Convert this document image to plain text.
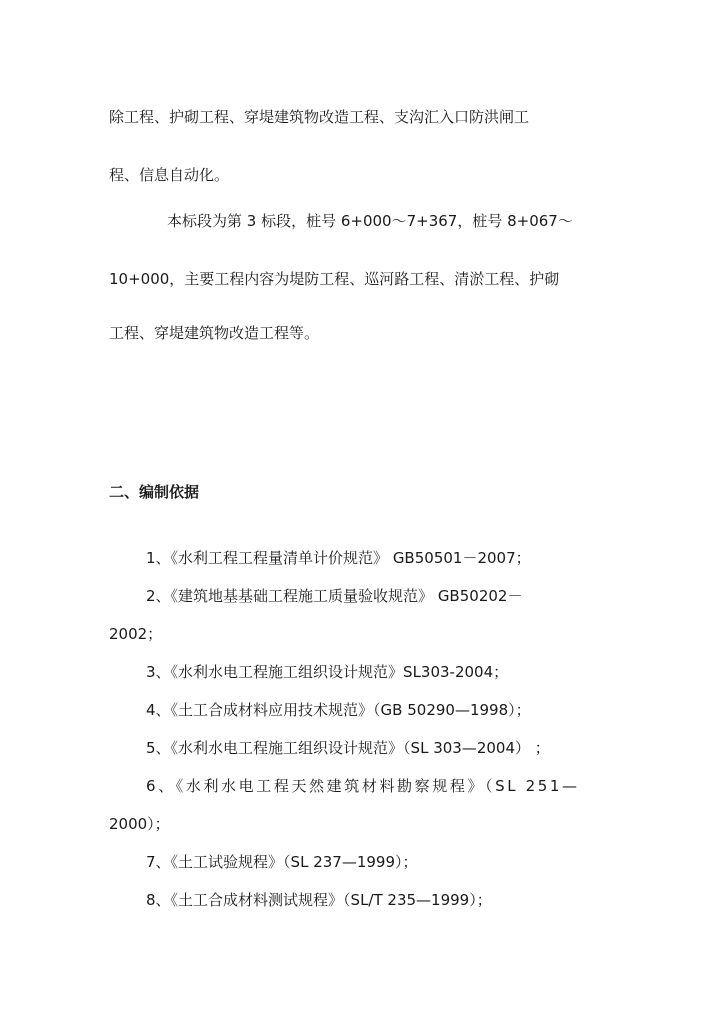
除工程、护砌工程、穿堤建筑物改造工程、支沟汇入口防洪闸工
程、信息自动化。
本标段为第 3 标段，桩号 6+000～7+367，桩号 8+067～
10+000，主要工程内容为堤防工程、巡河路工程、清淤工程、护砌
工程、穿堤建筑物改造工程等。
二、编制依据
1、《水利工程工程量清单计价规范》 GB50501－2007；
2、《建筑地基基础工程施工质量验收规范》 GB50202－
2002；
3、《水利水电工程施工组织设计规范》SL303-2004；
4、《土工合成材料应用技术规范》（GB 50290—1998）；
5、《水利水电工程施工组织设计规范》（SL 303—2004） ；
6、《水利水电工程天然建筑材料勘察规程》（SL 251—
2000）；
7、《土工试验规程》（SL 237—1999）；
8、《土工合成材料测试规程》（SL/T 235—1999）；
